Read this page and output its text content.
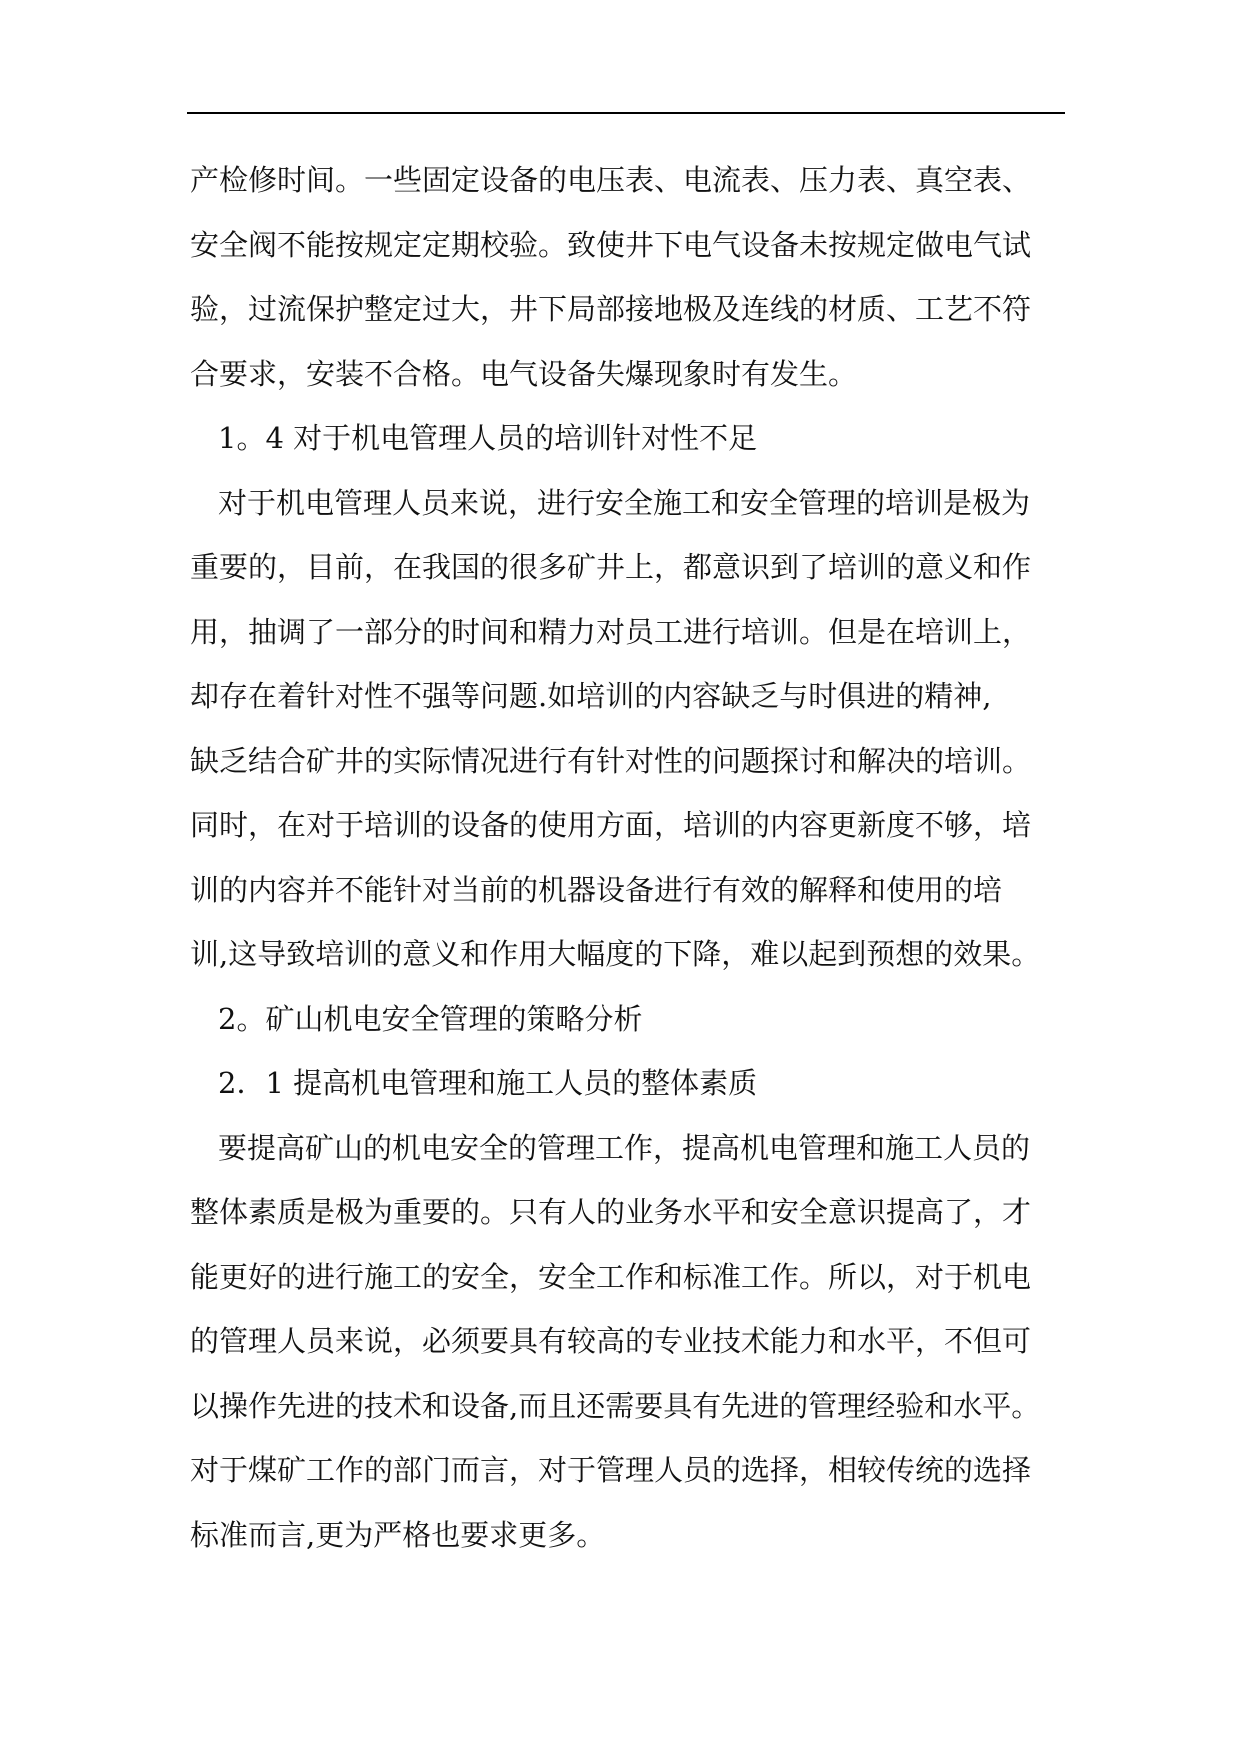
产检修时间。一些固定设备的电压表、电流表、压力表、真空表、
安全阀不能按规定定期校验。致使井下电气设备未按规定做电气试
验，过流保护整定过大，井下局部接地极及连线的材质、工艺不符
合要求，安装不合格。电气设备失爆现象时有发生。
1。4 对于机电管理人员的培训针对性不足
对于机电管理人员来说，进行安全施工和安全管理的培训是极为
重要的，目前，在我国的很多矿井上，都意识到了培训的意义和作
用，抽调了一部分的时间和精力对员工进行培训。但是在培训上，
却存在着针对性不强等问题.如培训的内容缺乏与时俱进的精神,
缺乏结合矿井的实际情况进行有针对性的问题探讨和解决的培训。
同时，在对于培训的设备的使用方面，培训的内容更新度不够，培
训的内容并不能针对当前的机器设备进行有效的解释和使用的培
训,这导致培训的意义和作用大幅度的下降，难以起到预想的效果。
2。矿山机电安全管理的策略分析
2．1 提高机电管理和施工人员的整体素质
要提高矿山的机电安全的管理工作，提高机电管理和施工人员的
整体素质是极为重要的。只有人的业务水平和安全意识提高了，才
能更好的进行施工的安全，安全工作和标准工作。所以，对于机电
的管理人员来说，必须要具有较高的专业技术能力和水平，不但可
以操作先进的技术和设备,而且还需要具有先进的管理经验和水平。
对于煤矿工作的部门而言，对于管理人员的选择，相较传统的选择
标准而言,更为严格也要求更多。
